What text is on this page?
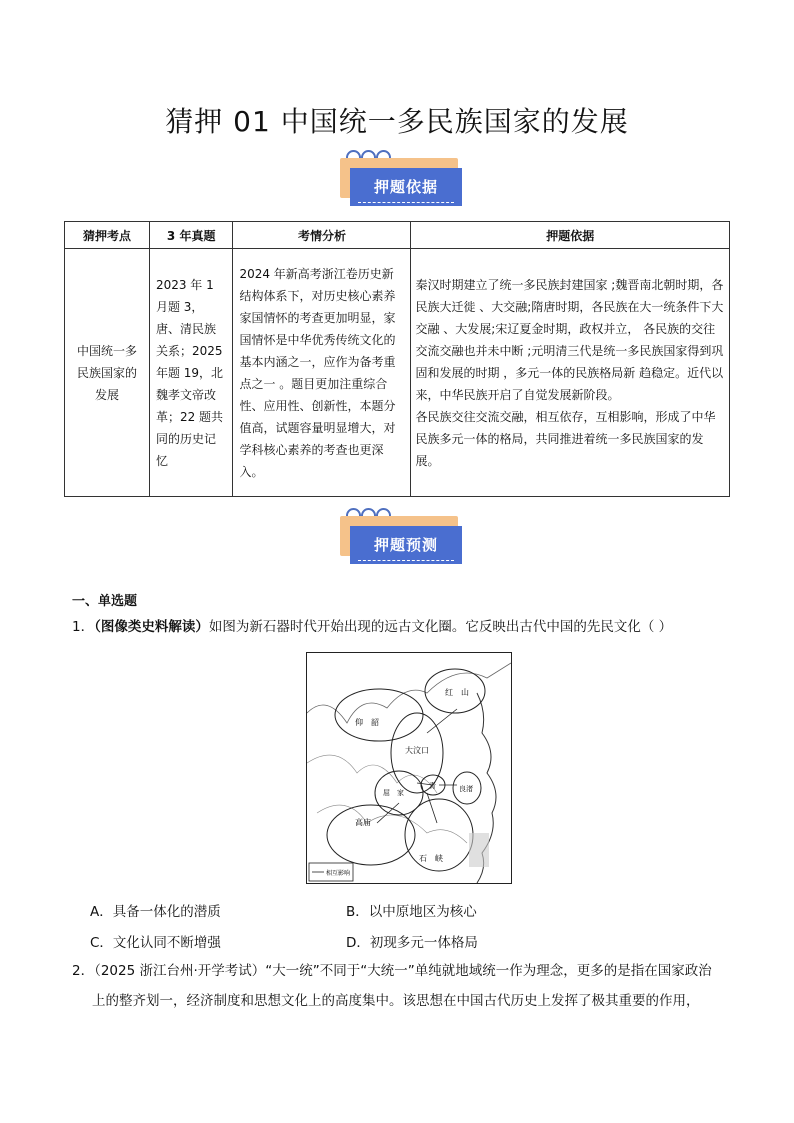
猜押 01 中国统一多民族国家的发展
押题依据
猜押考点	3 年真题	考情分析	押题依据
中国统一多民族国家的发展	2023 年 1 月题 3，唐、清民族关系；2025 年题 19，北魏孝文帝改革；22 题共同的历史记忆	2024 年新高考浙江卷历史新结构体系下，对历史核心素养家国情怀的考查更加明显，家国情怀是中华优秀传统文化的基本内涵之一，应作为备考重点之一 。题目更加注重综合性、应用性、创新性，本题分值高，试题容量明显增大，对学科核心素养的考查也更深入。	秦汉时期建立了统一多民族封建国家 ;魏晋南北朝时期，各民族大迁徙 、大交融;隋唐时期，各民族在大一统条件下大交融 、大发展;宋辽夏金时期，政权并立， 各民族的交往交流交融也并未中断 ;元明清三代是统一多民族国家得到巩固和发展的时期 ，多元一体的民族格局新 趋稳定。近代以来，中华民族开启了自觉发展新阶段。
各民族交往交流交融，相互依存，互相影响，形成了中华民族多元一体的格局，共同推进着统一多民族国家的发展。
押题预测
一、单选题
1．（图像类史料解读）如图为新石器时代开始出现的远古文化圈。它反映出古代中国的先民文化（ ）
红　山
仰　韶
大汶口
屈　家	良渚
青
高庙
石　峡
相互影响
A．具备一体化的潜质	B．以中原地区为核心
C．文化认同不断增强	D．初现多元一体格局
2．（2025 浙江台州·开学考试）“大一统”不同于“大统一”单纯就地域统一作为理念，更多的是指在国家政治
上的整齐划一，经济制度和思想文化上的高度集中。该思想在中国古代历史上发挥了极其重要的作用，
